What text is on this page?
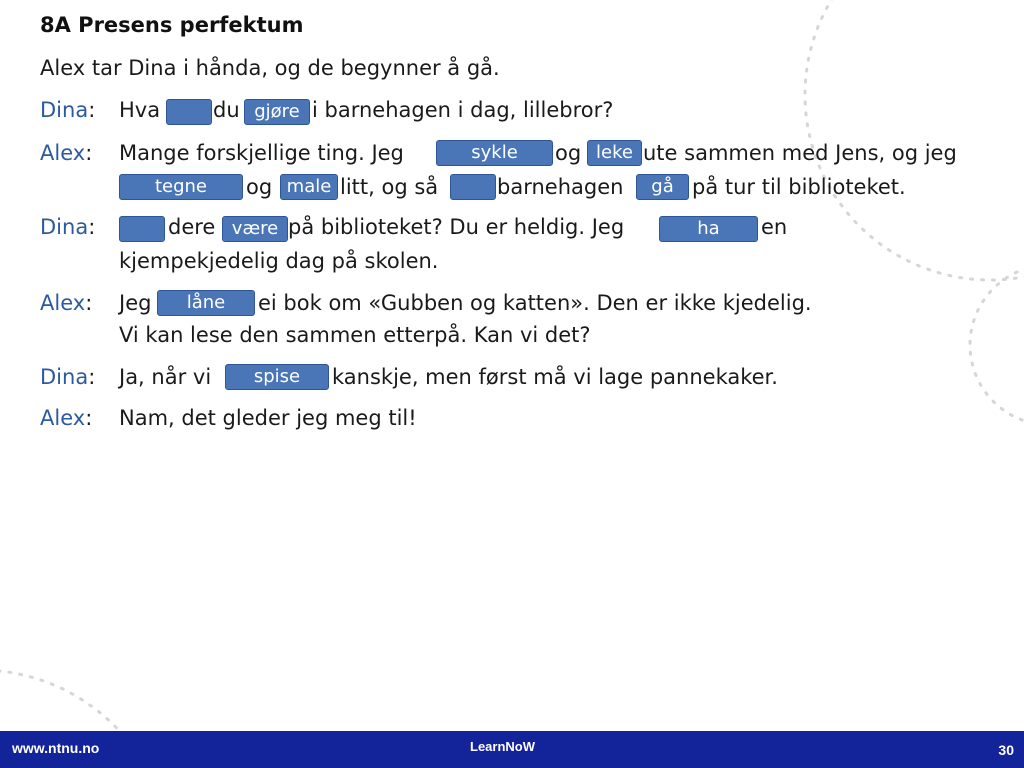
8A Presens perfektum
Alex tar Dina i hånda, og de begynner å gå.
Dina: Hva	du gjøre i barnehagen i dag, lillebror?
Alex: Mange forskjellige ting. Jeg	sykle	og leke ute sammen med Jens, og jeg
tegne	og male litt, og så	barnehagen	gå på tur til biblioteket.
Dina:	dere være på biblioteket? Du er heldig. Jeg	ha	en
kjempekjedelig dag på skolen.
Alex: Jeg	låne	ei bok om «Gubben og katten». Den er ikke kjedelig.
Vi kan lese den sammen etterpå. Kan vi det?
Dina: Ja, når vi	spise	kanskje, men først må vi lage pannekaker.
Alex: Nam, det gleder jeg meg til!
www.ntnu.no	LearnNoW	30
